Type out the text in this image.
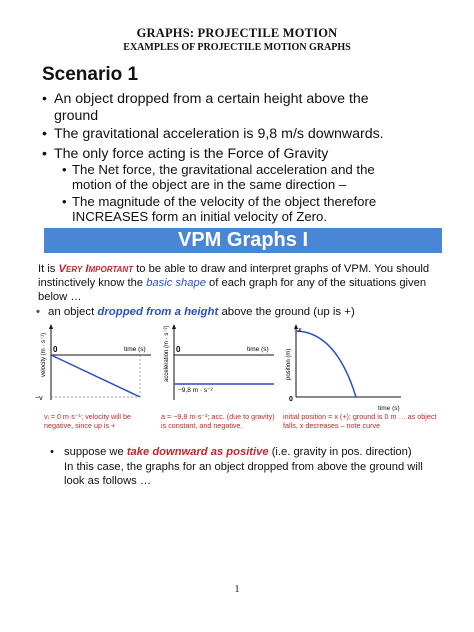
GRAPHS: PROJECTILE MOTION
EXAMPLES OF PROJECTILE MOTION GRAPHS
Scenario 1
• An object dropped from a certain height above the ground
• The gravitational acceleration is 9,8 m/s downwards.
• The only force acting is the Force of Gravity
• The Net force, the gravitational acceleration and the motion of the object are in the same direction –
• The magnitude of the velocity of the object therefore INCREASES form an initial velocity of Zero.
VPM Graphs I
It is Very Important to be able to draw and interpret graphs of VPM. You should instinctively know the basic shape of each graph for any of the situations given below …
• an object dropped from a height above the ground (up is +)
velocity (m · s⁻¹)	time (s)
0
−v
acceleration (m · s⁻²)	time (s)
0
−9,8 m · s⁻²
position (m)
x
0
time (s)
vᵢ = 0 m·s⁻¹; velocity will be negative, since up is +
a = −9,8 m·s⁻²; acc. (due to gravity) is constant, and negative.
initial position = x (+); ground is 0 m … as object falls, x decreases – note curve
• suppose we take downward as positive (i.e. gravity in pos. direction)
In this case, the graphs for an object dropped from above the ground will look as follows …
1
